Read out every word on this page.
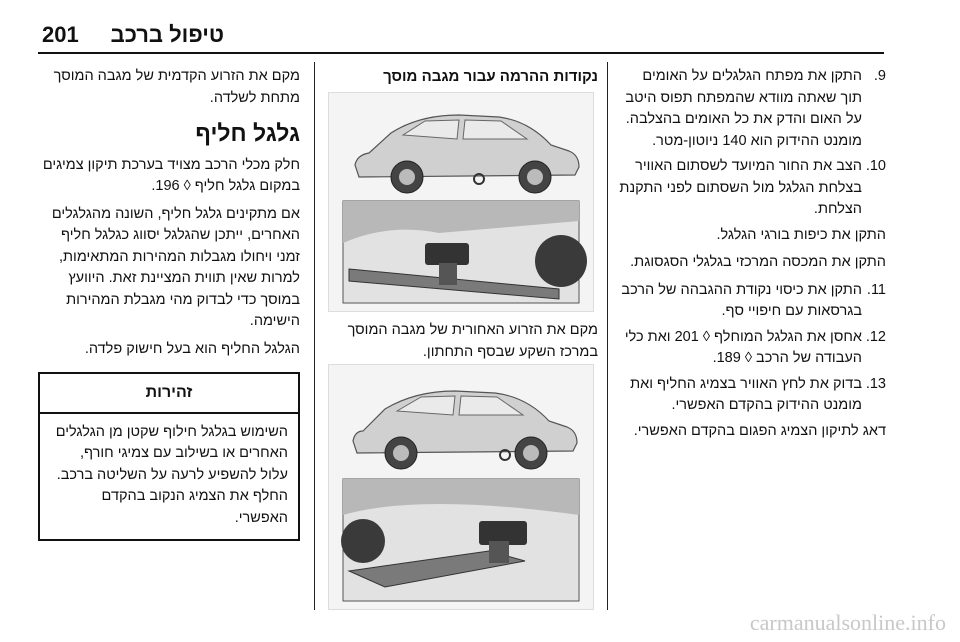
201 טיפול ברכב
9.
התקן את מפתח הגלגלים על האומים תוך שאתה מוודא שהמפתח תפוס היטב על האום והדק את כל האומים בהצלבה. מומנט ההידוק הוא 140 ניוטון-מטר.
10.
הצב את החור המיועד לשסתום האוויר בצלחת הגלגל מול השסתום לפני התקנת הצלחת.

התקן את כיפות בורגי הגלגל.

התקן את המכסה המרכזי בגלגלי הסגסוגת.

11.
התקן את כיסוי נקודת ההגבהה של הרכב בגרסאות עם חיפויי סף.
12.
אחסן את הגלגל המוחלף ◊ 201 ואת כלי העבודה של הרכב ◊ 189.
13.
בדוק את לחץ האוויר בצמיג החליף ואת מומנט ההידוק בהקדם האפשרי.

דאג לתיקון הצמיג הפגום בהקדם האפשרי.

נקודות ההרמה עבור מגבה מוסך
מקם את הזרוע האחורית של מגבה המוסך במרכז השקע שבסף התחתון.

מקם את הזרוע הקדמית של מגבה המוסך מתחת לשלדה.

גלגל חליף

חלק מכלי הרכב מצויד בערכת תיקון צמיגים במקום גלגל חליף ◊ 196.

אם מתקינים גלגל חליף, השונה מהגלגלים האחרים, ייתכן שהגלגל יסווג כגלגל חליף זמני ויחולו מגבלות המהירות המתאימות, למרות שאין תווית המציינת זאת. היוועץ במוסך כדי לבדוק מהי מגבלת המהירות הישימה.

הגלגל החליף הוא בעל חישוק פלדה.

זהירות
השימוש בגלגל חילוף שקטן מן הגלגלים האחרים או בשילוב עם צמיגי חורף, עלול להשפיע לרעה על השליטה ברכב. החלף את הצמיג הנקוב בהקדם האפשרי.
carmanualsonline.info
